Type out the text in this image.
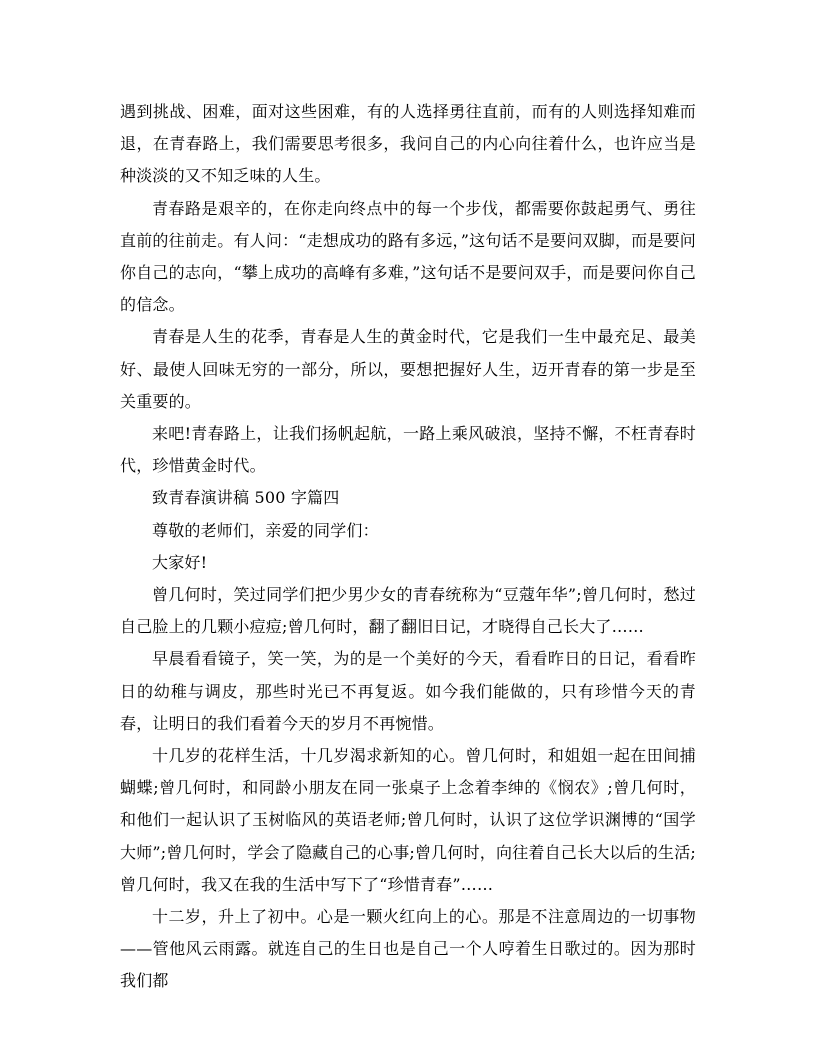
遇到挑战、困难，面对这些困难，有的人选择勇往直前，而有的人则选择知难而退，在青春路上，我们需要思考很多，我问自己的内心向往着什么，也许应当是种淡淡的又不知乏味的人生。

青春路是艰辛的，在你走向终点中的每一个步伐，都需要你鼓起勇气、勇往直前的往前走。有人问：“走想成功的路有多远，”这句话不是要问双脚，而是要问你自己的志向，“攀上成功的高峰有多难，”这句话不是要问双手，而是要问你自己的信念。

青春是人生的花季，青春是人生的黄金时代，它是我们一生中最充足、最美好、最使人回味无穷的一部分，所以，要想把握好人生，迈开青春的第一步是至关重要的。

来吧!青春路上，让我们扬帆起航，一路上乘风破浪，坚持不懈，不枉青春时代，珍惜黄金时代。

致青春演讲稿 500 字篇四

尊敬的老师们，亲爱的同学们：

大家好!

曾几何时，笑过同学们把少男少女的青春统称为“豆蔻年华”;曾几何时，愁过自己脸上的几颗小痘痘;曾几何时，翻了翻旧日记，才晓得自己长大了……

早晨看看镜子，笑一笑，为的是一个美好的今天，看看昨日的日记，看看昨日的幼稚与调皮，那些时光已不再复返。如今我们能做的，只有珍惜今天的青春，让明日的我们看着今天的岁月不再惋惜。

十几岁的花样生活，十几岁渴求新知的心。曾几何时，和姐姐一起在田间捕蝴蝶;曾几何时，和同龄小朋友在同一张桌子上念着李绅的《悯农》;曾几何时，和他们一起认识了玉树临风的英语老师;曾几何时，认识了这位学识渊博的“国学大师”;曾几何时，学会了隐藏自己的心事;曾几何时，向往着自己长大以后的生活;曾几何时，我又在我的生活中写下了“珍惜青春”……

十二岁，升上了初中。心是一颗火红向上的心。那是不注意周边的一切事物——管他风云雨露。就连自己的生日也是自己一个人哼着生日歌过的。因为那时我们都
